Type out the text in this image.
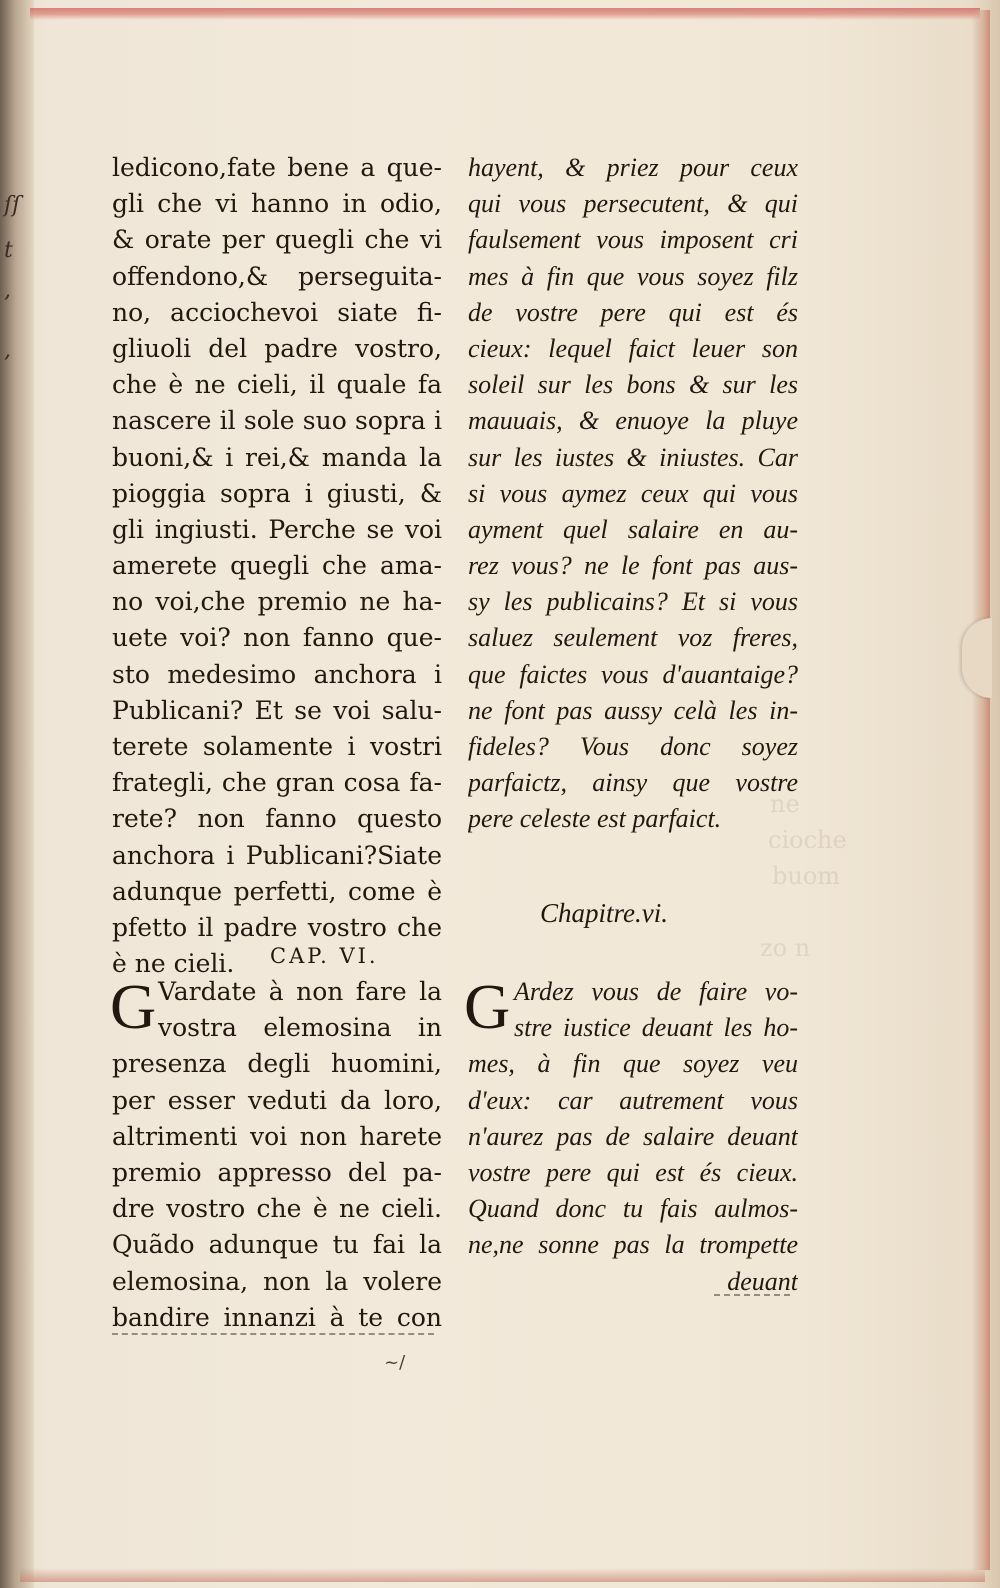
ſſ
t
,
,
ne
cioche
buom
zo n
ledicono,fate bene a que-
gli che vi hanno in odio,
& orate per quegli che vi
offendono,& perseguita-
no, acciochevoi siate fi-
gliuoli del padre vostro,
che è ne cieli, il quale fa
nascere il sole suo sopra i
buoni,& i rei,& manda la
pioggia sopra i giusti, &
gli ingiusti. Perche se voi
amerete quegli che ama-
no voi,che premio ne ha-
uete voi? non fanno que-
sto medesimo anchora i
Publicani? Et se voi salu-
terete solamente i vostri
frategli, che gran cosa fa-
rete? non fanno questo
anchora i Publicani?Siate
adunque perfetti, come è
pfetto il padre vostro che
è ne cieli.	CAP. VI.
G Vardate à non fare la
vostra elemosina in
presenza degli huomini,
per esser veduti da loro,
altrimenti voi non harete
premio appresso del pa-
dre vostro che è ne cieli.
Quãdo adunque tu fai la
elemosina, non la volere
bandire innanzi à te con
~/
hayent, & priez pour ceux
qui vous persecutent, & qui
faulsement vous imposent cri
mes à fin que vous soyez filz
de vostre pere qui est és
cieux: lequel faict leuer son
soleil sur les bons & sur les
mauuais, & enuoye la pluye
sur les iustes & iniustes. Car
si vous aymez ceux qui vous
ayment quel salaire en au-
rez vous? ne le font pas aus-
sy les publicains? Et si vous
saluez seulement voz freres,
que faictes vous d'auantaige?
ne font pas aussy celà les in-
fideles? Vous donc soyez
parfaictz, ainsy que vostre
pere celeste est parfaict.
Chapitre.vi.
G Ardez vous de faire vo-
stre iustice deuant les ho-
mes, à fin que soyez veu
d'eux: car autrement vous
n'aurez pas de salaire deuant
vostre pere qui est és cieux.
Quand donc tu fais aulmos-
ne,ne sonne pas la trompette
deuant
